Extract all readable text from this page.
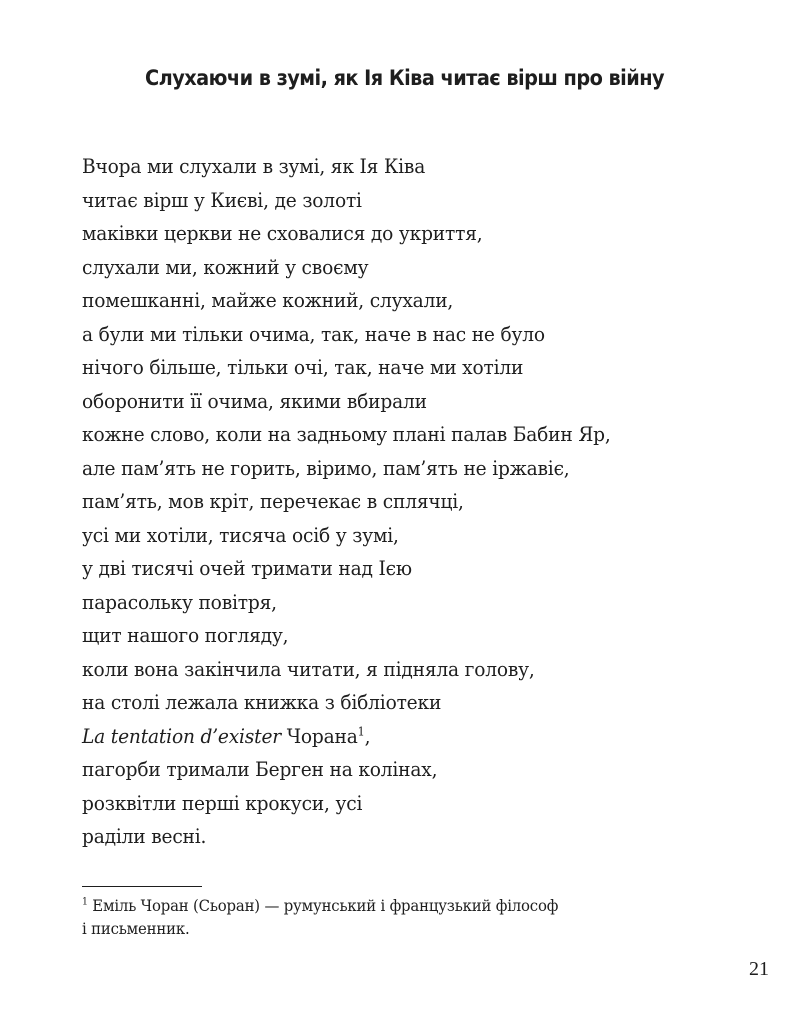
Слухаючи в зумі, як Ія Ківа читає вірш про війну
Вчора ми слухали в зумі, як Ія Ківа
читає вірш у Києві, де золоті
маківки церкви не сховалися до укриття,
слухали ми, кожний у своєму
помешканні, майже кожний, слухали,
а були ми тільки очима, так, наче в нас не було
нічого більше, тільки очі, так, наче ми хотіли
оборонити її очима, якими вбирали
кожне слово, коли на задньому плані палав Бабин Яр,
але пам’ять не горить, віримо, пам’ять не іржавіє,
пам’ять, мов кріт, перечекає в сплячці,
усі ми хотіли, тисяча осіб у зумі,
у дві тисячі очей тримати над Ією
парасольку повітря,
щит нашого погляду,
коли вона закінчила читати, я підняла голову,
на столі лежала книжка з бібліотеки
La tentation d’exister Чорана$^1$,
пагорби тримали Берген на колінах,
розквітли перші крокуси, усі
раділи весні.
$^1$ Еміль Чоран (Сьоран) — румунський і французький філософ
і письменник.
21
